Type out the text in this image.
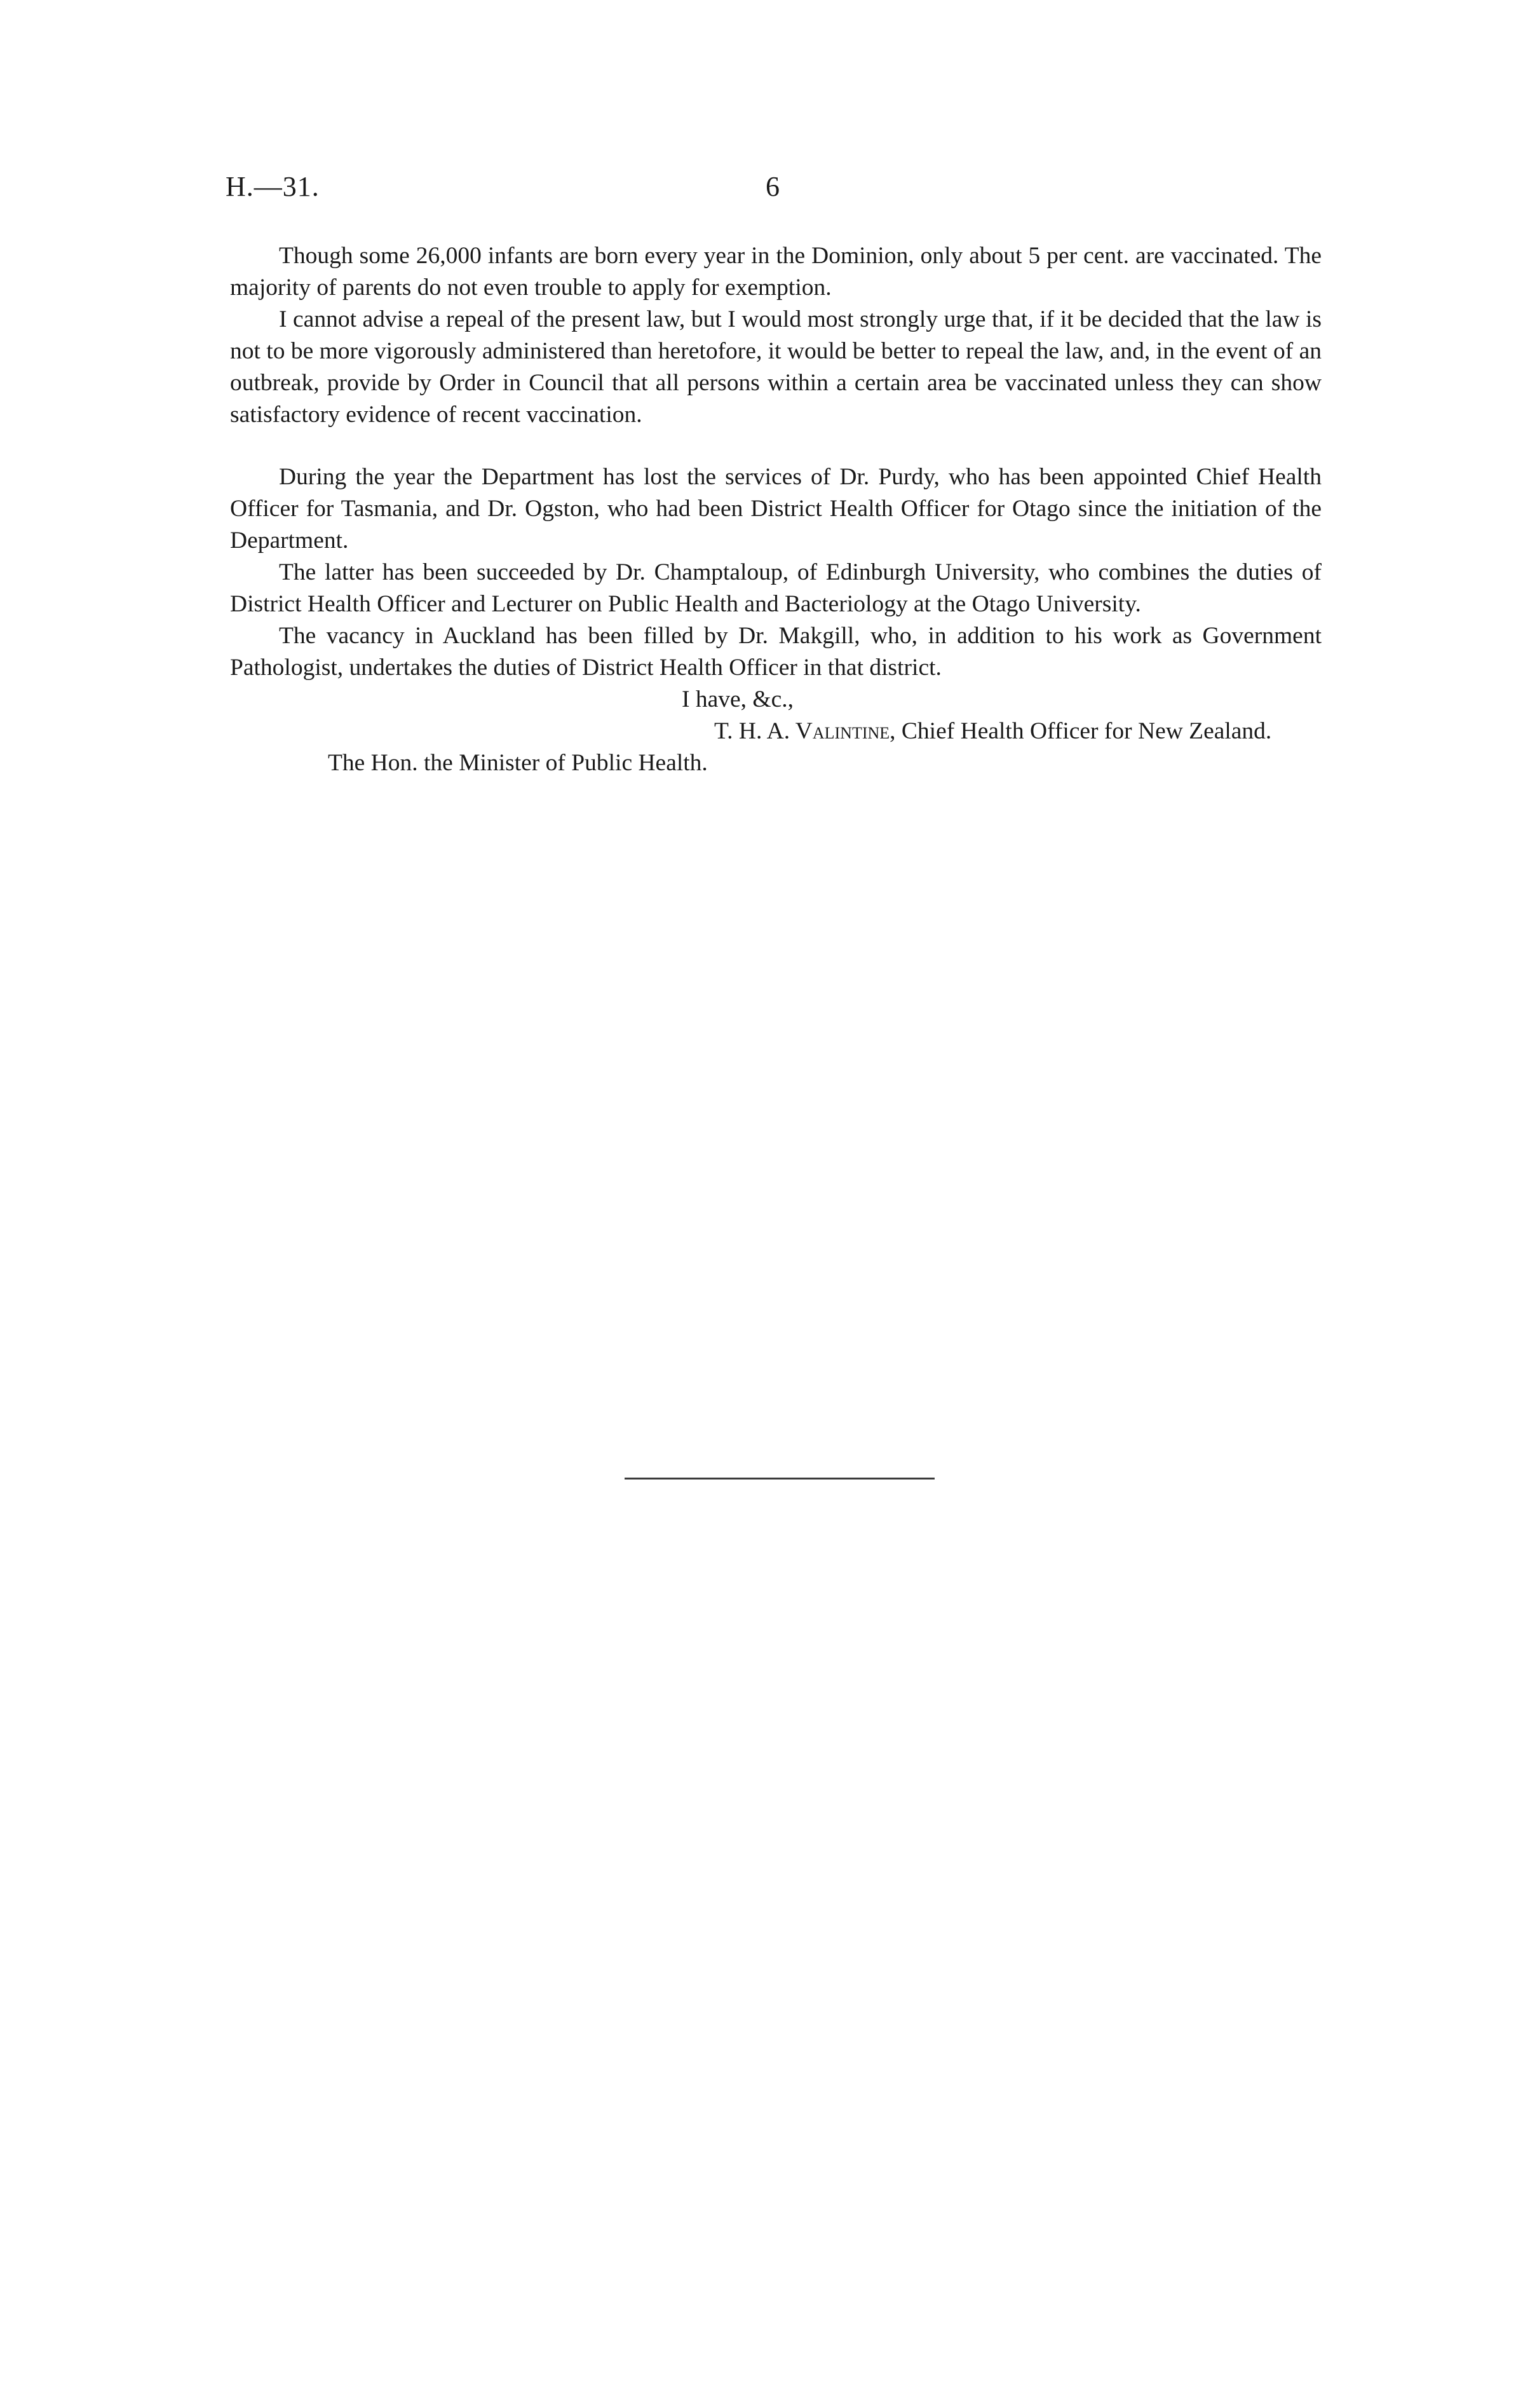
H.—31.	6

Though some 26,000 infants are born every year in the Dominion, only about 5 per cent. are vaccinated. The majority of parents do not even trouble to apply for exemption.

I cannot advise a repeal of the present law, but I would most strongly urge that, if it be decided that the law is not to be more vigorously administered than heretofore, it would be better to repeal the law, and, in the event of an outbreak, provide by Order in Council that all persons within a certain area be vaccinated unless they can show satisfactory evidence of recent vaccination.

During the year the Department has lost the services of Dr. Purdy, who has been appointed Chief Health Officer for Tasmania, and Dr. Ogston, who had been District Health Officer for Otago since the initiation of the Department.

The latter has been succeeded by Dr. Champtaloup, of Edinburgh University, who combines the duties of District Health Officer and Lecturer on Public Health and Bacteriology at the Otago University.

The vacancy in Auckland has been filled by Dr. Makgill, who, in addition to his work as Government Pathologist, undertakes the duties of District Health Officer in that district.

I have, &c.,

T. H. A. Valintine, Chief Health Officer for New Zealand.

The Hon. the Minister of Public Health.
